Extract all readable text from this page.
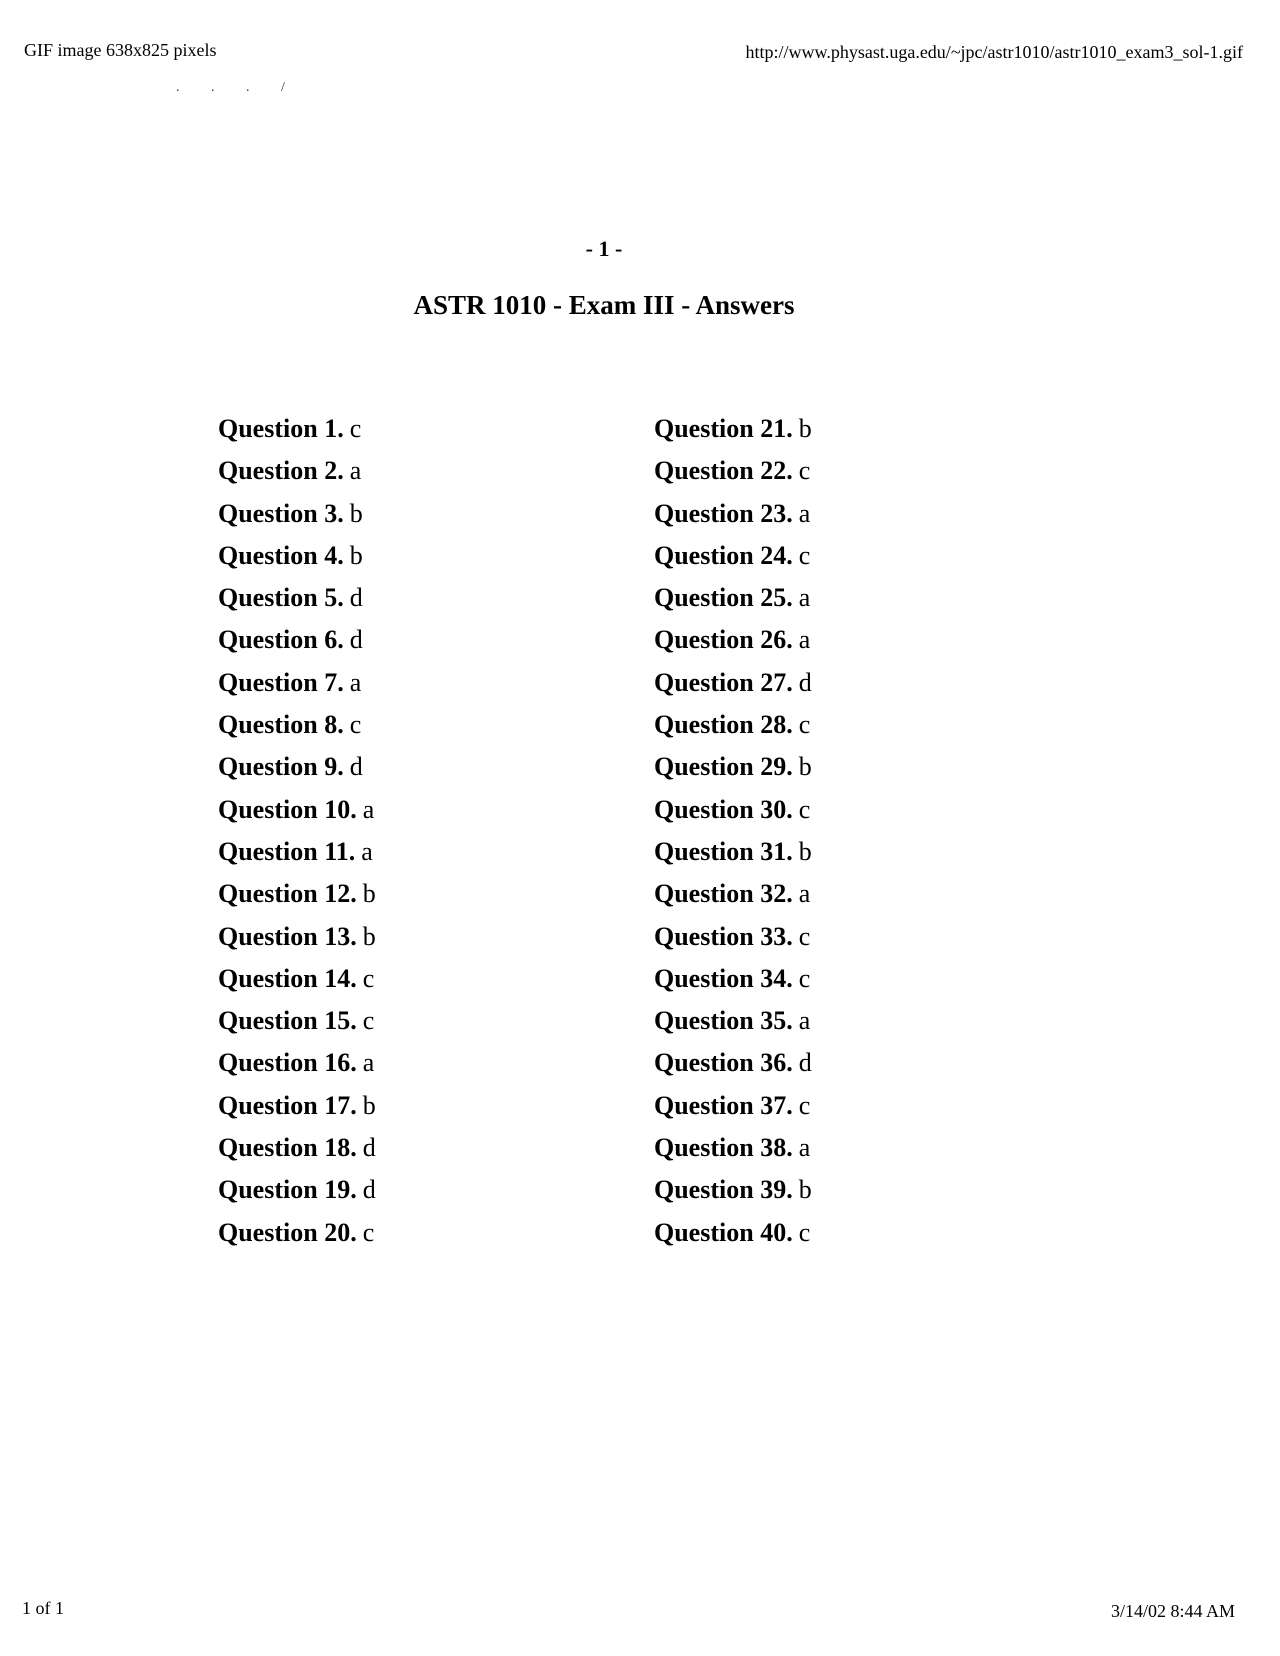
GIF image 638x825 pixels	http://www.physast.uga.edu/~jpc/astr1010/astr1010_exam3_sol-1.gif
. . . /
- 1 -
ASTR 1010 - Exam III - Answers
Question 1. c
Question 2. a
Question 3. b
Question 4. b
Question 5. d
Question 6. d
Question 7. a
Question 8. c
Question 9. d
Question 10. a
Question 11. a
Question 12. b
Question 13. b
Question 14. c
Question 15. c
Question 16. a
Question 17. b
Question 18. d
Question 19. d
Question 20. c
Question 21. b
Question 22. c
Question 23. a
Question 24. c
Question 25. a
Question 26. a
Question 27. d
Question 28. c
Question 29. b
Question 30. c
Question 31. b
Question 32. a
Question 33. c
Question 34. c
Question 35. a
Question 36. d
Question 37. c
Question 38. a
Question 39. b
Question 40. c
1 of 1	3/14/02 8:44 AM
